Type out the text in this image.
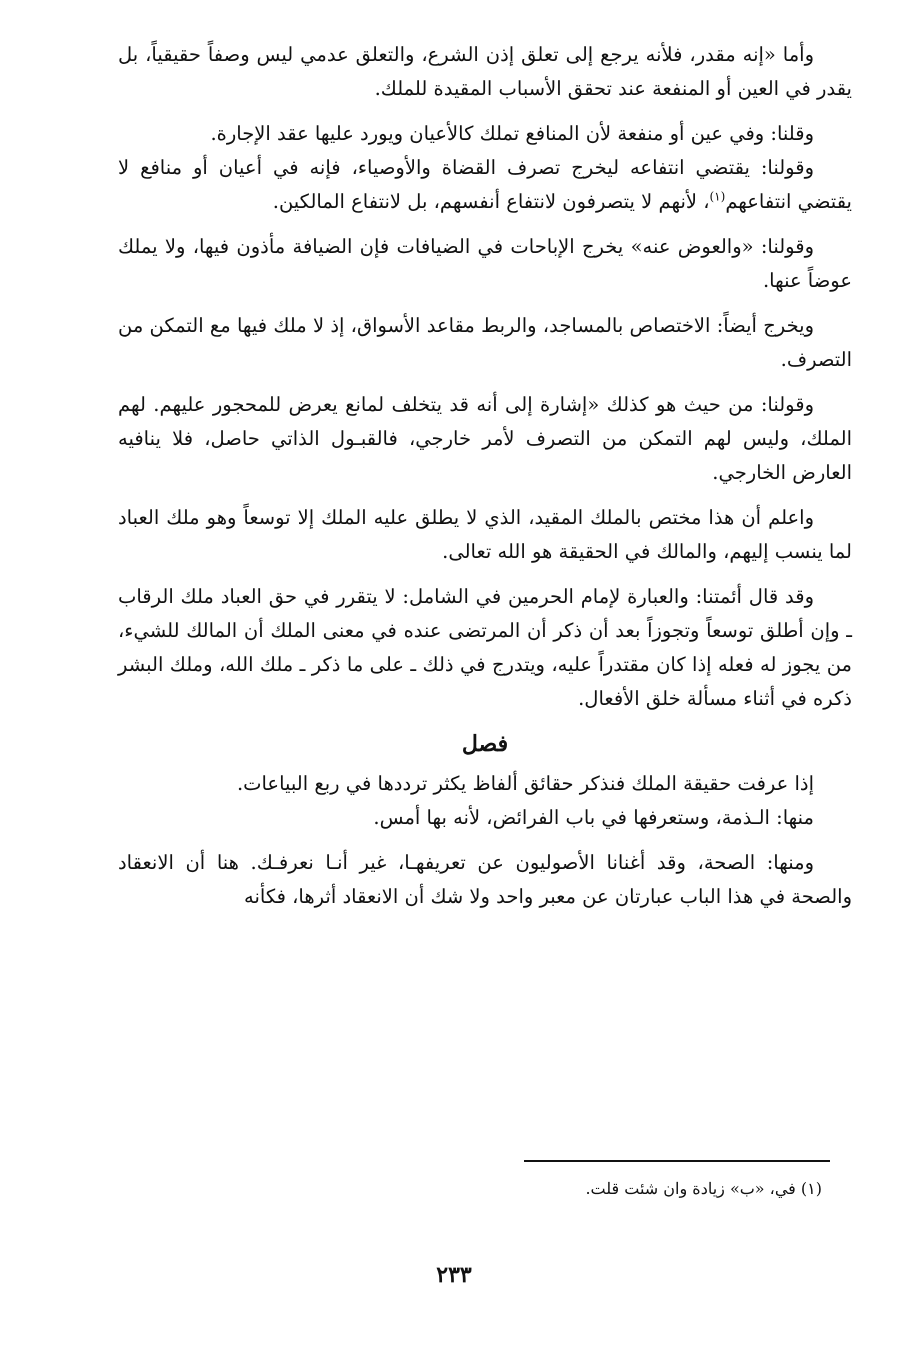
وأما «إنه مقدر، فلأنه يرجع إلى تعلق إذن الشرع، والتعلق عدمي ليس وصفاً حقيقياً، بل يقدر في العين أو المنفعة عند تحقق الأسباب المقيدة للملك.

وقلنا: وفي عين أو منفعة لأن المنافع تملك كالأعيان ويورد عليها عقد الإجارة.

وقولنا: يقتضي انتفاعه ليخرج تصرف القضاة والأوصياء، فإنه في أعيان أو منافع لا يقتضي انتفاعهم$^{(١)}$، لأنهم لا يتصرفون لانتفاع أنفسهم، بل لانتفاع المالكين.

وقولنا: «والعوض عنه» يخرج الإباحات في الضيافات فإن الضيافة مأذون فيها، ولا يملك عوضاً عنها.

ويخرج أيضاً: الاختصاص بالمساجد، والربط مقاعد الأسواق، إذ لا ملك فيها مع التمكن من التصرف.

وقولنا: من حيث هو كذلك «إشارة إلى أنه قد يتخلف لمانع يعرض للمحجور عليهم. لهم الملك، وليس لهم التمكن من التصرف لأمر خارجي، فالقبـول الذاتي حاصل، فلا ينافيه العارض الخارجي.

واعلم أن هذا مختص بالملك المقيد، الذي لا يطلق عليه الملك إلا توسعاً وهو ملك العباد لما ينسب إليهم، والمالك في الحقيقة هو الله تعالى.

وقد قال أئمتنا: والعبارة لإمام الحرمين في الشامل: لا يتقرر في حق العباد ملك الرقاب ـ وإن أطلق توسعاً وتجوزاً بعد أن ذكر أن المرتضى عنده في معنى الملك أن المالك للشيء، من يجوز له فعله إذا كان مقتدراً عليه، ويتدرج في ذلك ـ على ما ذكر ـ ملك الله، وملك البشر ذكره في أثناء مسألة خلق الأفعال.

فصل

إذا عرفت حقيقة الملك فنذكر حقائق ألفاظ يكثر ترددها في ربع البياعات.

منها: الـذمة، وستعرفها في باب الفرائض، لأنه بها أمس.

ومنها: الصحة، وقد أغنانا الأصوليون عن تعريفهـا، غير أنـا نعرفـك. هنا أن الانعقاد والصحة في هذا الباب عبارتان عن معبر واحد ولا شك أن الانعقاد أثرها، فكأنه

(١) في، «ب» زيادة وان شئت قلت.
٢٣٣
